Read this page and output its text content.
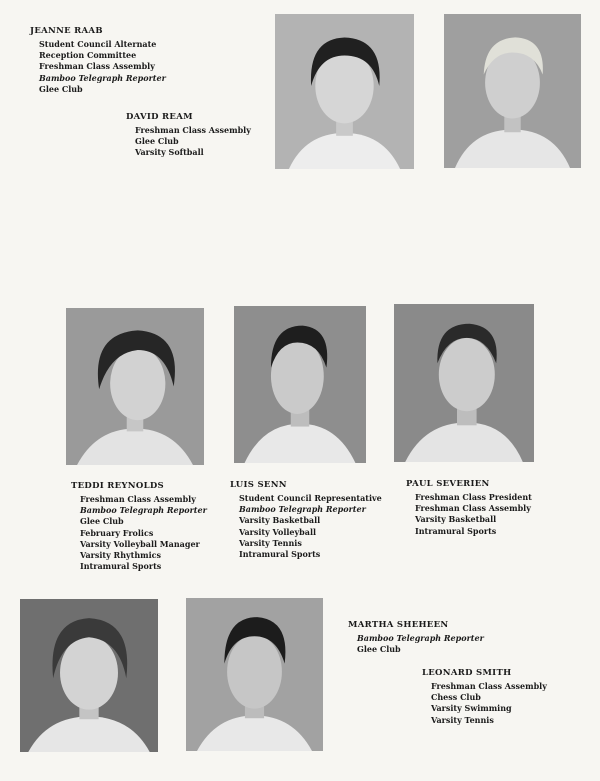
JEANNE RAAB
Student Council Alternate
Reception Committee
Freshman Class Assembly
Bamboo Telegraph Reporter
Glee Club
DAVID REAM
Freshman Class Assembly
Glee Club
Varsity Softball
TEDDI REYNOLDS
Freshman Class Assembly
Bamboo Telegraph Reporter
Glee Club
February Frolics
Varsity Volleyball Manager
Varsity Rhythmics
Intramural Sports
LUIS SENN
Student Council Representative
Bamboo Telegraph Reporter
Varsity Basketball
Varsity Volleyball
Varsity Tennis
Intramural Sports
PAUL SEVERIEN
Freshman Class President
Freshman Class Assembly
Varsity Basketball
Intramural Sports
MARTHA SHEHEEN
Bamboo Telegraph Reporter
Glee Club
LEONARD SMITH
Freshman Class Assembly
Chess Club
Varsity Swimming
Varsity Tennis
